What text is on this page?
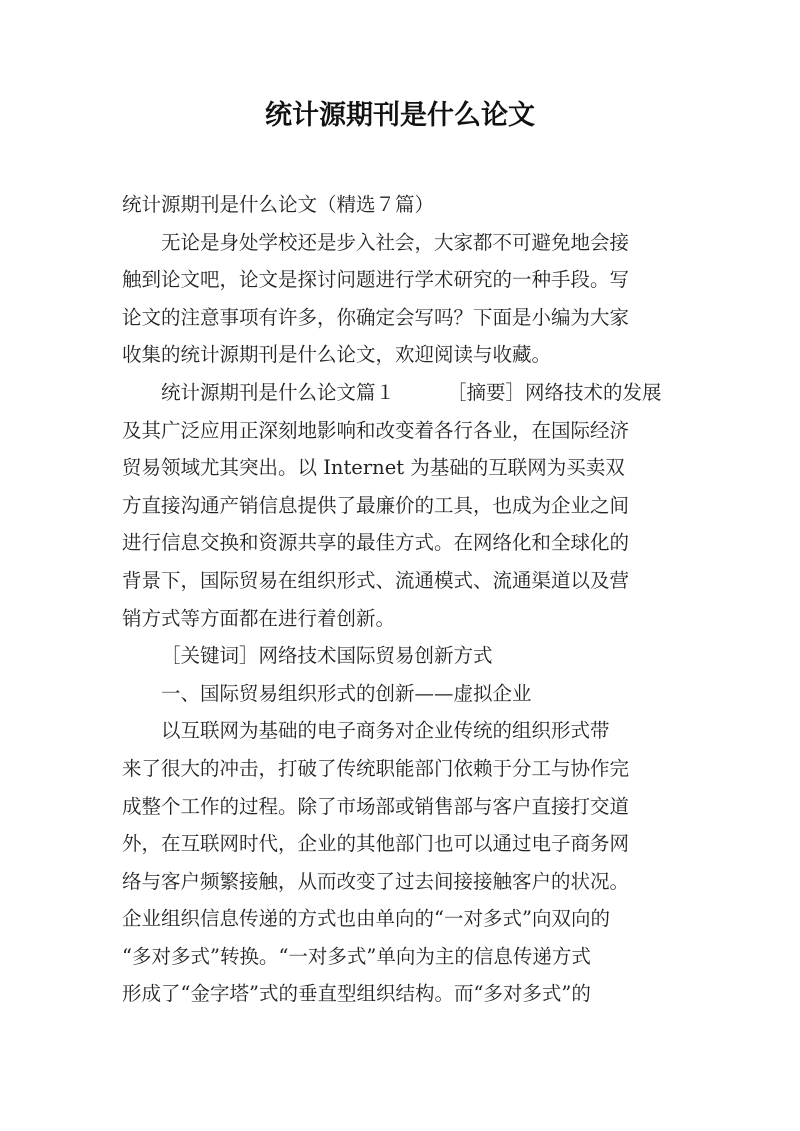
统计源期刊是什么论文
统计源期刊是什么论文（精选７篇）
无论是身处学校还是步入社会，大家都不可避免地会接
触到论文吧，论文是探讨问题进行学术研究的一种手段。写
论文的注意事项有许多，你确定会写吗？下面是小编为大家
收集的统计源期刊是什么论文，欢迎阅读与收藏。
统计源期刊是什么论文篇１	［摘要］网络技术的发展
及其广泛应用正深刻地影响和改变着各行各业，在国际经济
贸易领域尤其突出。以 Internet 为基础的互联网为买卖双
方直接沟通产销信息提供了最廉价的工具，也成为企业之间
进行信息交换和资源共享的最佳方式。在网络化和全球化的
背景下，国际贸易在组织形式、流通模式、流通渠道以及营
销方式等方面都在进行着创新。
［关键词］网络技术国际贸易创新方式
一、国际贸易组织形式的创新——虚拟企业
以互联网为基础的电子商务对企业传统的组织形式带
来了很大的冲击，打破了传统职能部门依赖于分工与协作完
成整个工作的过程。除了市场部或销售部与客户直接打交道
外，在互联网时代，企业的其他部门也可以通过电子商务网
络与客户频繁接触，从而改变了过去间接接触客户的状况。
企业组织信息传递的方式也由单向的“一对多式”向双向的
“多对多式”转换。“一对多式”单向为主的信息传递方式
形成了“金字塔”式的垂直型组织结构。而“多对多式”的
